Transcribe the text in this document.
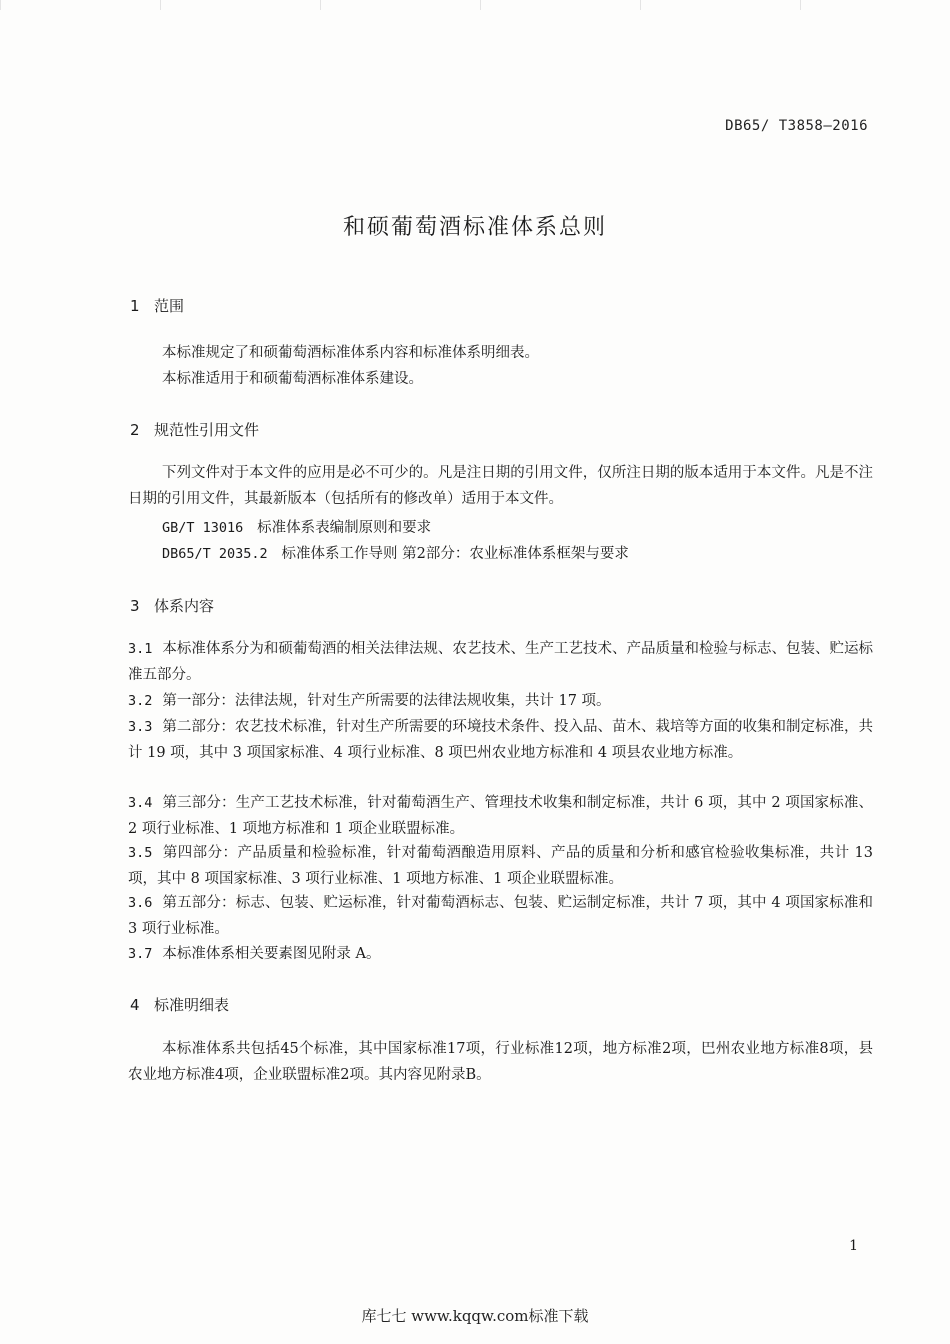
DB65/ T3858—2016
和硕葡萄酒标准体系总则
1 范围
本标准规定了和硕葡萄酒标准体系内容和标准体系明细表。
本标准适用于和硕葡萄酒标准体系建设。
2 规范性引用文件
下列文件对于本文件的应用是必不可少的。凡是注日期的引用文件，仅所注日期的版本适用于本文件。凡是不注日期的引用文件，其最新版本（包括所有的修改单）适用于本文件。
GB/T 13016 标准体系表编制原则和要求
DB65/T 2035.2 标准体系工作导则 第2部分：农业标准体系框架与要求
3 体系内容
3.1 本标准体系分为和硕葡萄酒的相关法律法规、农艺技术、生产工艺技术、产品质量和检验与标志、包装、贮运标准五部分。
3.2 第一部分：法律法规，针对生产所需要的法律法规收集，共计 17 项。
3.3 第二部分：农艺技术标准，针对生产所需要的环境技术条件、投入品、苗木、栽培等方面的收集和制定标准，共计 19 项，其中 3 项国家标准、4 项行业标准、8 项巴州农业地方标准和 4 项县农业地方标准。
3.4 第三部分：生产工艺技术标准，针对葡萄酒生产、管理技术收集和制定标准，共计 6 项，其中 2 项国家标准、2 项行业标准、1 项地方标准和 1 项企业联盟标准。
3.5 第四部分：产品质量和检验标准，针对葡萄酒酿造用原料、产品的质量和分析和感官检验收集标准，共计 13 项，其中 8 项国家标准、3 项行业标准、1 项地方标准、1 项企业联盟标准。
3.6 第五部分：标志、包装、贮运标准，针对葡萄酒标志、包装、贮运制定标准，共计 7 项，其中 4 项国家标准和 3 项行业标准。
3.7 本标准体系相关要素图见附录 A。
4 标准明细表
本标准体系共包括45个标准，其中国家标准17项，行业标准12项，地方标准2项，巴州农业地方标准8项，县农业地方标准4项，企业联盟标准2项。其内容见附录B。
1
库七七 www.kqqw.com标准下载
